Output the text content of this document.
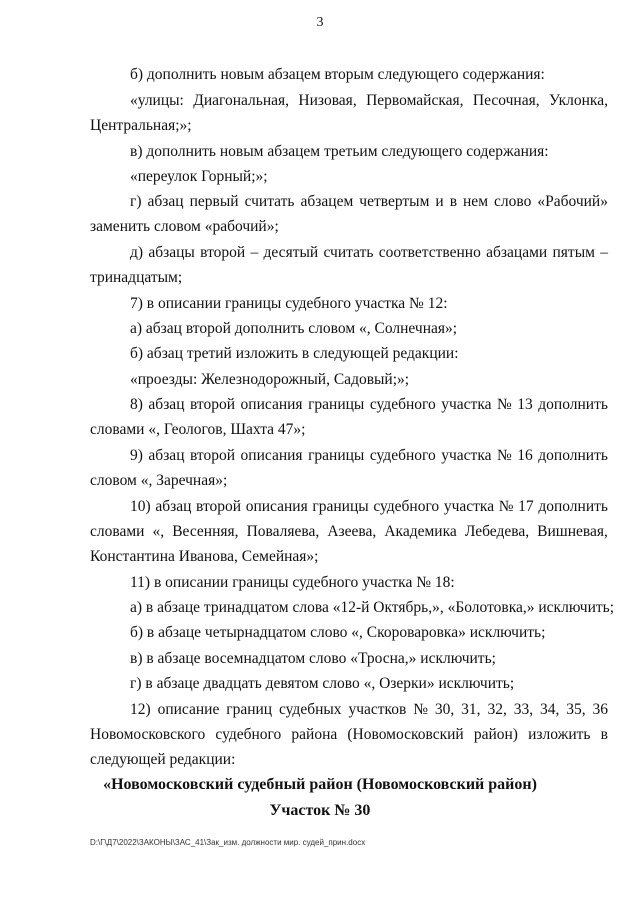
3
б) дополнить новым абзацем вторым следующего содержания:
«улицы: Диагональная, Низовая, Первомайская, Песочная, Уклонка,
Центральная;»;
в) дополнить новым абзацем третьим следующего содержания:
«переулок Горный;»;
г) абзац первый считать абзацем четвертым и в нем слово «Рабочий»
заменить словом «рабочий»;
д) абзацы второй – десятый считать соответственно абзацами пятым –
тринадцатым;
7) в описании границы судебного участка № 12:
а) абзац второй дополнить словом «, Солнечная»;
б) абзац третий изложить в следующей редакции:
«проезды: Железнодорожный, Садовый;»;
8) абзац второй описания границы судебного участка № 13 дополнить
словами «, Геологов, Шахта 47»;
9) абзац второй описания границы судебного участка № 16 дополнить
словом «, Заречная»;
10) абзац второй описания границы судебного участка № 17 дополнить
словами «, Весенняя, Поваляева, Азеева, Академика Лебедева, Вишневая,
Константина Иванова, Семейная»;
11) в описании границы судебного участка № 18:
а) в абзаце тринадцатом слова «12-й Октябрь,», «Болотовка,» исключить;
б) в абзаце четырнадцатом слово «, Скороваровка» исключить;
в) в абзаце восемнадцатом слово «Тросна,» исключить;
г) в абзаце двадцать девятом слово «, Озерки» исключить;
12) описание границ судебных участков № 30, 31, 32, 33, 34, 35, 36
Новомосковского судебного района (Новомосковский район) изложить в
следующей редакции:
«Новомосковский судебный район (Новомосковский район)
Участок № 30
D:\Г\Д7\2022\ЗАКОНЫ\ЗАС_41\Зак_изм. должности мир. судей_прин.docx
